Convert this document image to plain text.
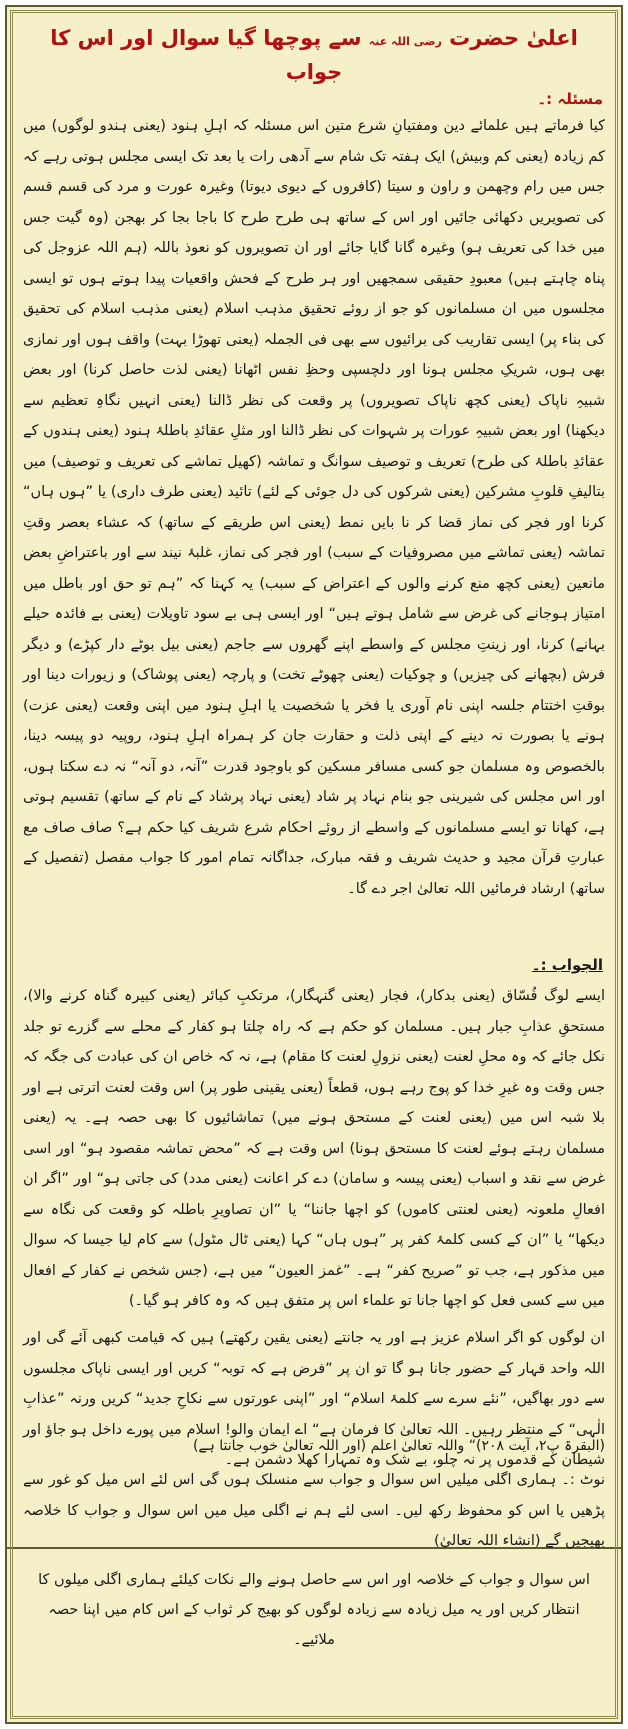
اعلیٰ حضرت رضی اللہ عنہ سے پوچھا گیا سوال اور اس کا جواب
مسئلہ :۔

کیا فرماتے ہیں علمائے دین ومفتیانِ شرع متین اس مسئلہ کہ اہلِ ہنود (یعنی ہندو لوگوں) میں کم زیادہ (یعنی کم وبیش) ایک ہفتہ تک شام سے آدھی رات یا بعد تک ایسی مجلس ہوتی رہے کہ جس میں رام وچھمن و راون و سیتا (کافروں کے دیوی دیوتا) وغیرہ عورت و مرد کی قسم قسم کی تصویریں دکھائی جائیں اور اس کے ساتھ ہی طرح طرح کا باجا بجا کر بھجن (وہ گیت جس میں خدا کی تعریف ہو) وغیرہ گانا گایا جائے اور ان تصویروں کو نعوذ باللہ (ہم اللہ عزوجل کی پناہ چاہتے ہیں) معبودِ حقیقی سمجھیں اور ہر طرح کے فحش واقعیات پیدا ہوتے ہوں تو ایسی مجلسوں میں ان مسلمانوں کو جو از روئے تحقیق مذہب اسلام (یعنی مذہب اسلام کی تحقیق کی بناء پر) ایسی تقاریب کی برائیوں سے بھی فی الجملہ (یعنی تھوڑا بہت) واقف ہوں اور نمازی بھی ہوں، شریکِ مجلس ہونا اور دلچسپی وحظِ نفس اٹھانا (یعنی لذت حاصل کرنا) اور بعض شبیہِ ناپاک (یعنی کچھ ناپاک تصویروں) پر وقعت کی نظر ڈالنا (یعنی انہیں نگاہِ تعظیم سے دیکھنا) اور بعض شبیہِ عورات پر شہوات کی نظر ڈالنا اور مثلِ عقائدِ باطلۂ ہنود (یعنی ہندوں کے عقائدِ باطلۂ کی طرح) تعریف و توصیف سوانگ و تماشہ (کھیل تماشے کی تعریف و توصیف) میں بتالیفِ قلوبِ مشرکین (یعنی شرکوں کی دل جوئی کے لئے) تائید (یعنی طرف داری) یا ”ہوں ہاں“ کرنا اور فجر کی نماز قضا کر نا بایں نمط (یعنی اس طریقے کے ساتھ) کہ عشاء بعصر وقتِ تماشہ (یعنی تماشے میں مصروفیات کے سبب) اور فجر کی نماز، غلبۂ نیند سے اور باعتراضِ بعض مانعین (یعنی کچھ منع کرنے والوں کے اعتراض کے سبب) یہ کہنا کہ ”ہم تو حق اور باطل میں امتیاز ہوجانے کی غرض سے شامل ہوتے ہیں“ اور ایسی ہی بے سود تاویلات (یعنی بے فائدہ حیلے بہانے) کرنا، اور زینتِ مجلس کے واسطے اپنے گھروں سے جاجم (یعنی بیل بوٹے دار کپڑے) و دیگر فرش (بچھانے کی چیزیں) و چوکیات (یعنی چھوٹے تخت) و پارچہ (یعنی پوشاک) و زیورات دینا اور بوقتِ اختتام جلسہ اپنی نام آوری یا فخر یا شخصیت یا اہلِ ہنود میں اپنی وقعت (یعنی عزت) ہونے یا بصورت نہ دینے کے اپنی ذلت و حقارت جان کر ہمراہ اہلِ ہنود، روپیہ دو پیسہ دینا، بالخصوص وہ مسلمان جو کسی مسافر مسکین کو باوجود قدرت ”آنہ، دو آنہ“ نہ دے سکتا ہوں، اور اس مجلس کی شیرینی جو بنام نہاد پر شاد (یعنی نہاد پرشاد کے نام کے ساتھ) تقسیم ہوتی ہے، کھانا تو ایسے مسلمانوں کے واسطے از روئے احکام شرع شریف کیا حکم ہے؟ صاف صاف مع عبارتِ قرآن مجید و حدیث شریف و فقہ مبارک، جداگانہ تمام امور کا جواب مفصل (تفصیل کے ساتھ) ارشاد فرمائیں اللہ تعالیٰ اجر دے گا۔

الجواب :۔

ایسے لوگ فُسّاق (یعنی بدکار)، فجار (یعنی گنہگار)، مرتکبِ کبائر (یعنی کبیرہ گناہ کرنے والا)، مستحقِ عذابِ جبار ہیں۔ مسلمان کو حکم ہے کہ راہ چلتا ہو کفار کے محلے سے گزرے تو جلد نکل جائے کہ وہ محلِ لعنت (یعنی نزولِ لعنت کا مقام) ہے، نہ کہ خاص ان کی عبادت کی جگہ کہ جس وقت وہ غیرِ خدا کو پوج رہے ہوں، قطعاً (یعنی یقینی طور پر) اس وقت لعنت اترتی ہے اور بلا شبہ اس میں (یعنی لعنت کے مستحق ہونے میں) تماشائیوں کا بھی حصہ ہے۔ یہ (یعنی مسلمان رہتے ہوئے لعنت کا مستحق ہونا) اس وقت ہے کہ ”محض تماشہ مقصود ہو“ اور اسی غرض سے نقد و اسباب (یعنی پیسہ و سامان) دے کر اعانت (یعنی مدد) کی جاتی ہو“ اور ”اگر ان افعالِ ملعونہ (یعنی لعنتی کاموں) کو اچھا جاننا“ یا ”ان تصاویرِ باطلہ کو وقعت کی نگاہ سے دیکھا“ یا ”ان کے کسی کلمۂ کفر پر ”ہوں ہاں“ کہا (یعنی ٹال مٹول) سے کام لیا جیسا کہ سوال میں مذکور ہے، جب تو ”صریح کفر“ ہے۔ ”غمز العیون“ میں ہے، (جس شخص نے کفار کے افعال میں سے کسی فعل کو اچھا جانا تو علماء اس پر متفق ہیں کہ وہ کافر ہو گیا۔)

ان لوگوں کو اگر اسلام عزیز ہے اور یہ جانتے (یعنی یقین رکھتے) ہیں کہ قیامت کبھی آئے گی اور اللہ واحد قہار کے حضور جانا ہو گا تو ان پر ”فرض ہے کہ توبہ“ کریں اور ایسی ناپاک مجلسوں سے دور بھاگیں، ”نئے سرے سے کلمۂ اسلام“ اور ”اپنی عورتوں سے نکاحِ جدید“ کریں ورنہ ”عذابِ الٰہی“ کے منتظر رہیں۔ اللہ تعالیٰ کا فرمان ہے“ اے ایمان والو! اسلام میں پورے داخل ہو جاؤ اور شیطان کے قدموں پر نہ چلو، بے شک وہ تمہارا کھلا دشمن ہے۔

(البقرۃ پ۲، آیت ۲۰۸)“ واللہ تعالیٰ اعلم (اور اللہ تعالیٰ خوب جانتا ہے)

نوٹ :۔ ہماری اگلی میلیں اس سوال و جواب سے منسلک ہوں گی اس لئے اس میل کو غور سے پڑھیں یا اس کو محفوظ رکھ لیں۔ اسی لئے ہم نے اگلی میل میں اس سوال و جواب کا خلاصہ بھیجیں گے (انشاء اللہ تعالیٰ)

اس سوال و جواب کے خلاصہ اور اس سے حاصل ہونے والے نکات کیلئے ہماری اگلی میلوں کا انتظار کریں اور یہ میل زیادہ سے زیادہ لوگوں کو بھیج کر ثواب کے اس کام میں اپنا حصہ ملائیے۔
